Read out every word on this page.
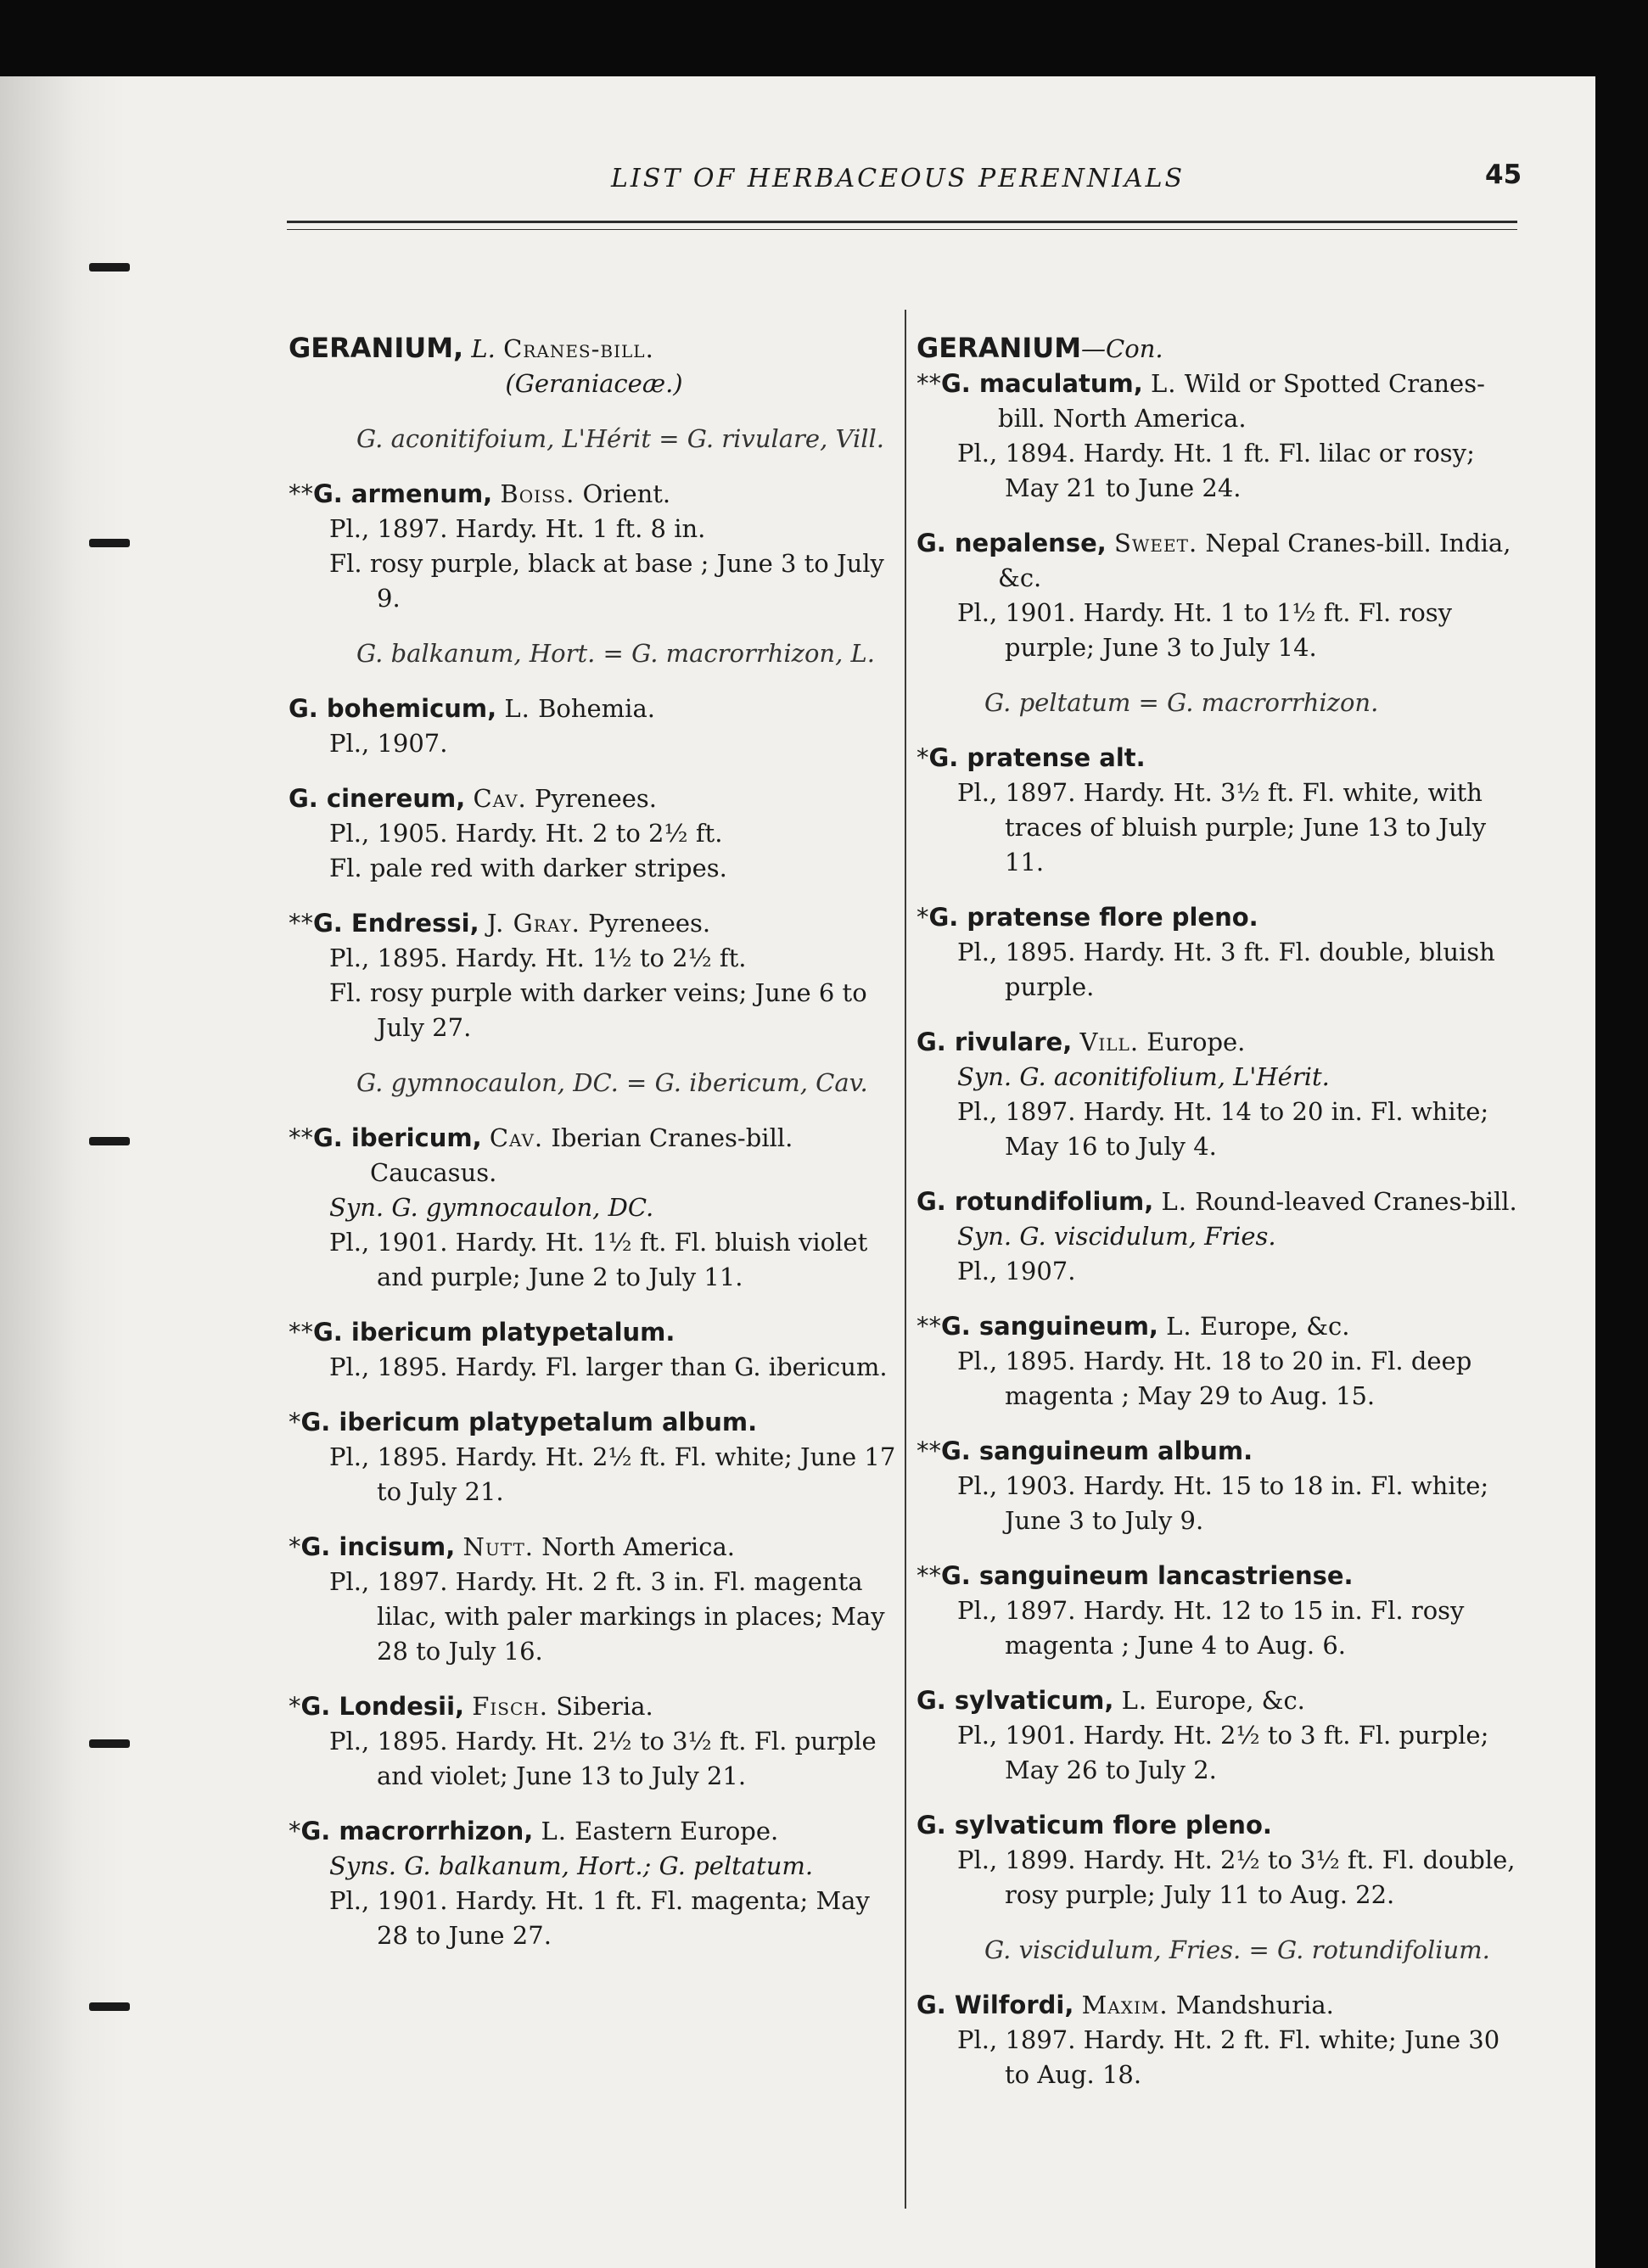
LIST OF HERBACEOUS PERENNIALS	45

GERANIUM, L. Cranes-bill.

(Geraniaceæ.)

G. aconitifoium, L'Hérit = G. rivulare, Vill.

**G. armenum, Boiss. Orient.

Pl., 1897. Hardy. Ht. 1 ft. 8 in.

Fl. rosy purple, black at base ; June 3 to July 9.

G. balkanum, Hort. = G. macrorrhizon, L.

G. bohemicum, L. Bohemia.

Pl., 1907.

G. cinereum, Cav. Pyrenees.

Pl., 1905. Hardy. Ht. 2 to 2½ ft.

Fl. pale red with darker stripes.

**G. Endressi, J. Gray. Pyrenees.

Pl., 1895. Hardy. Ht. 1½ to 2½ ft.

Fl. rosy purple with darker veins; June 6 to July 27.

G. gymnocaulon, DC. = G. ibericum, Cav.

**G. ibericum, Cav. Iberian Cranes-bill. Caucasus.

Syn. G. gymnocaulon, DC.

Pl., 1901. Hardy. Ht. 1½ ft. Fl. bluish violet and purple; June 2 to July 11.

**G. ibericum platypetalum.

Pl., 1895. Hardy. Fl. larger than G. ibericum.

*G. ibericum platypetalum album.

Pl., 1895. Hardy. Ht. 2½ ft. Fl. white; June 17 to July 21.

*G. incisum, Nutt. North America.

Pl., 1897. Hardy. Ht. 2 ft. 3 in. Fl. magenta lilac, with paler markings in places; May 28 to July 16.

*G. Londesii, Fisch. Siberia.

Pl., 1895. Hardy. Ht. 2½ to 3½ ft. Fl. purple and violet; June 13 to July 21.

*G. macrorrhizon, L. Eastern Europe.

Syns. G. balkanum, Hort.; G. peltatum.

Pl., 1901. Hardy. Ht. 1 ft. Fl. magenta; May 28 to June 27.

GERANIUM—Con.

**G. maculatum, L. Wild or Spotted Cranes-bill. North America.

Pl., 1894. Hardy. Ht. 1 ft. Fl. lilac or rosy; May 21 to June 24.

G. nepalense, Sweet. Nepal Cranes-bill. India, &c.

Pl., 1901. Hardy. Ht. 1 to 1½ ft. Fl. rosy purple; June 3 to July 14.

G. peltatum = G. macrorrhizon.

*G. pratense alt.

Pl., 1897. Hardy. Ht. 3½ ft. Fl. white, with traces of bluish purple; June 13 to July 11.

*G. pratense flore pleno.

Pl., 1895. Hardy. Ht. 3 ft. Fl. double, bluish purple.

G. rivulare, Vill. Europe.

Syn. G. aconitifolium, L'Hérit.

Pl., 1897. Hardy. Ht. 14 to 20 in. Fl. white; May 16 to July 4.

G. rotundifolium, L. Round-leaved Cranes-bill.

Syn. G. viscidulum, Fries.

Pl., 1907.

**G. sanguineum, L. Europe, &c.

Pl., 1895. Hardy. Ht. 18 to 20 in. Fl. deep magenta ; May 29 to Aug. 15.

**G. sanguineum album.

Pl., 1903. Hardy. Ht. 15 to 18 in. Fl. white; June 3 to July 9.

**G. sanguineum lancastriense.

Pl., 1897. Hardy. Ht. 12 to 15 in. Fl. rosy magenta ; June 4 to Aug. 6.

G. sylvaticum, L. Europe, &c.

Pl., 1901. Hardy. Ht. 2½ to 3 ft. Fl. purple; May 26 to July 2.

G. sylvaticum flore pleno.

Pl., 1899. Hardy. Ht. 2½ to 3½ ft. Fl. double, rosy purple; July 11 to Aug. 22.

G. viscidulum, Fries. = G. rotundifolium.

G. Wilfordi, Maxim. Mandshuria.

Pl., 1897. Hardy. Ht. 2 ft. Fl. white; June 30 to Aug. 18.
